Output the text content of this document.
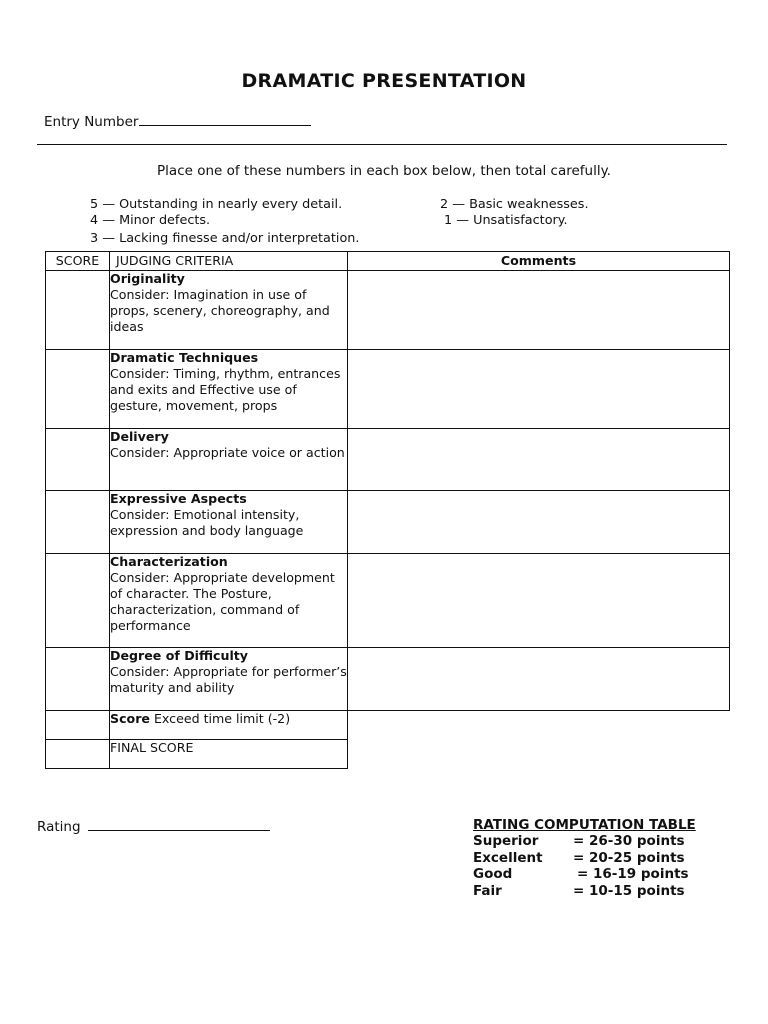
DRAMATIC PRESENTATION
Entry Number
Place one of these numbers in each box below, then total carefully.
5 — Outstanding in nearly every detail.
4 — Minor defects.
3 — Lacking finesse and/or interpretation.
2 — Basic weaknesses.
1 — Unsatisfactory.
SCORE	JUDGING CRITERIA	Comments

	Originality
Consider: Imagination in use of props, scenery, choreography, and ideas	

	Dramatic Techniques
Consider: Timing, rhythm, entrances and exits and Effective use of gesture, movement, props	

	Delivery
Consider: Appropriate voice or action	

	Expressive Aspects
Consider: Emotional intensity, expression and body language	

	Characterization
Consider: Appropriate development of character. The Posture, characterization, command of performance	

	Degree of Difficulty
Consider: Appropriate for performer’s maturity and ability	

	Score Exceed time limit (-2)	
	FINAL SCORE	
Rating	RATING COMPUTATION TABLE
Superior	= 26-30 points
Excellent = 20-25 points
Good	= 16-19 points
Fair	= 10-15 points
